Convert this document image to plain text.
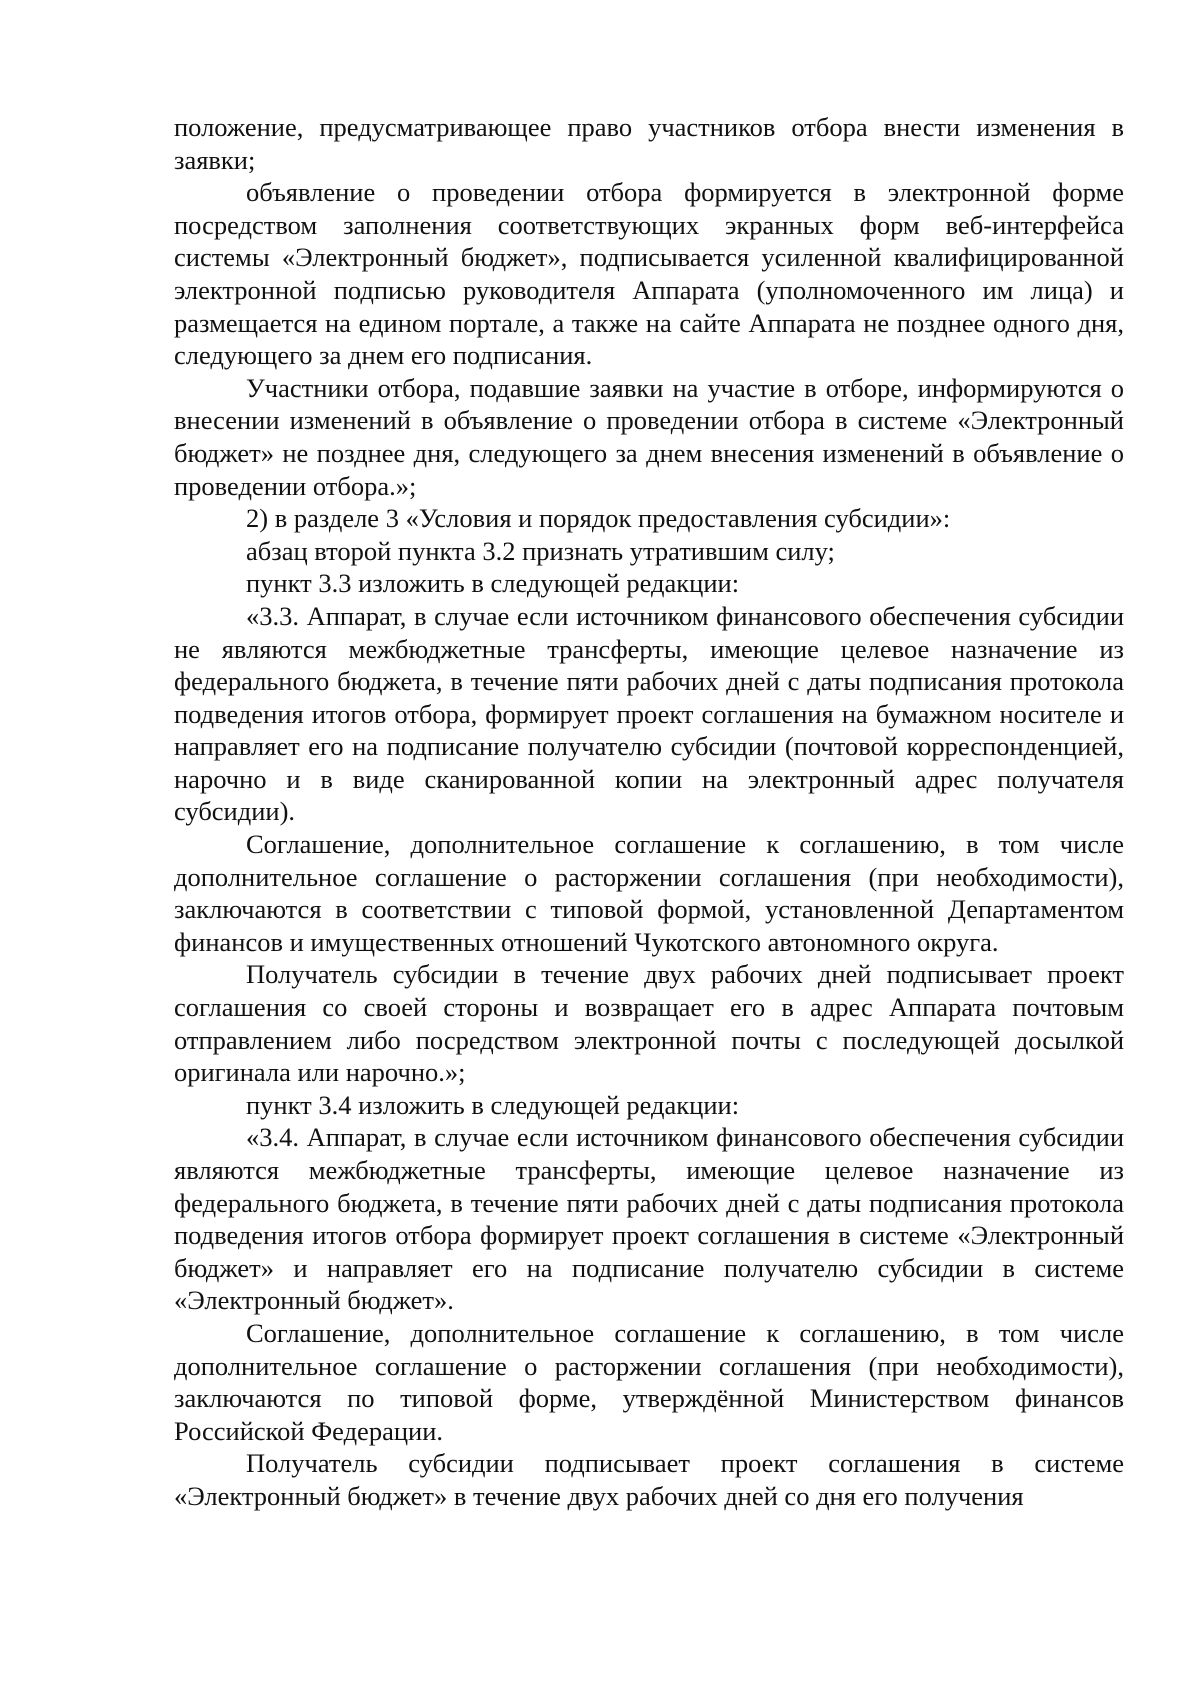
положение, предусматривающее право участников отбора внести изменения в заявки;

объявление о проведении отбора формируется в электронной форме посредством заполнения соответствующих экранных форм веб-интерфейса системы «Электронный бюджет», подписывается усиленной квалифицированной электронной подписью руководителя Аппарата (уполномоченного им лица) и размещается на едином портале, а также на сайте Аппарата не позднее одного дня, следующего за днем его подписания.

Участники отбора, подавшие заявки на участие в отборе, информируются о внесении изменений в объявление о проведении отбора в системе «Электронный бюджет» не позднее дня, следующего за днем внесения изменений в объявление о проведении отбора.»;

2) в разделе 3 «Условия и порядок предоставления субсидии»:

абзац второй пункта 3.2 признать утратившим силу;

пункт 3.3 изложить в следующей редакции:

«3.3. Аппарат, в случае если источником финансового обеспечения субсидии не являются межбюджетные трансферты, имеющие целевое назначение из федерального бюджета, в течение пяти рабочих дней с даты подписания протокола подведения итогов отбора, формирует проект соглашения на бумажном носителе и направляет его на подписание получателю субсидии (почтовой корреспонденцией, нарочно и в виде сканированной копии на электронный адрес получателя субсидии).

Соглашение, дополнительное соглашение к соглашению, в том числе дополнительное соглашение о расторжении соглашения (при необходимости), заключаются в соответствии с типовой формой, установленной Департаментом финансов и имущественных отношений Чукотского автономного округа.

Получатель субсидии в течение двух рабочих дней подписывает проект соглашения со своей стороны и возвращает его в адрес Аппарата почтовым отправлением либо посредством электронной почты с последующей досылкой оригинала или нарочно.»;

пункт 3.4 изложить в следующей редакции:

«3.4. Аппарат, в случае если источником финансового обеспечения субсидии являются межбюджетные трансферты, имеющие целевое назначение из федерального бюджета, в течение пяти рабочих дней с даты подписания протокола подведения итогов отбора формирует проект соглашения в системе «Электронный бюджет» и направляет его на подписание получателю субсидии в системе «Электронный бюджет».

Соглашение, дополнительное соглашение к соглашению, в том числе дополнительное соглашение о расторжении соглашения (при необходимости), заключаются по типовой форме, утверждённой Министерством финансов Российской Федерации.

Получатель субсидии подписывает проект соглашения в системе «Электронный бюджет» в течение двух рабочих дней со дня его получения
